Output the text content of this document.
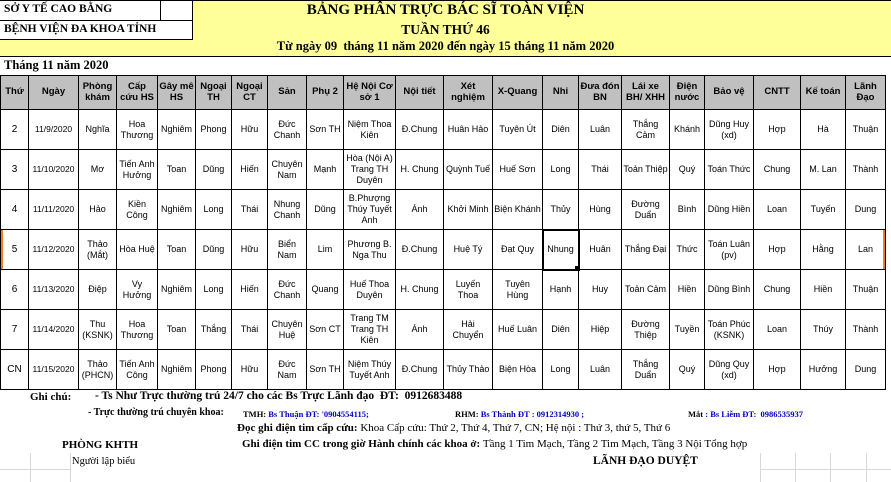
BẢNG PHÂN TRỰC BÁC SĨ TOÀN VIỆN
TUẦN THỨ 46
Từ ngày 09  tháng 11 năm 2020 đến ngày 15 tháng 11 năm 2020
SỞ Y TẾ CAO BẰNG
BỆNH VIỆN ĐA KHOA TỈNH
Tháng 11 năm 2020
Thứ	Ngày	Phòng khám	Cấp cứu HS	Gây mê HS	Ngoại TH	Ngoại CT	Sản	Phụ 2	Hệ Nội Cơ sở 1	Nội tiết	Xét nghiệm	X-Quang	Nhi	Đưa đón BN	Lái xe BH/ XHH	Điện nước	Bảo vệ	CNTT	Kế toán	Lãnh Đạo
2	11/9/2020	Nghĩa	Hoa Thương	Nghiêm	Phong	Hữu	Đức Chanh	Sơn TH	Niệm Thoa Kiên	Đ.Chung	Huân Hảo	Tuyên Út	Diên	Luân	Thắng Cảm	Khánh	Dũng Huy (xd)	Hợp	Hà	Thuận
3	11/10/2020	Mơ	Tiến Anh Hưởng	Toan	Dũng	Hiến	Chuyên Nam	Mạnh	Hòa (Nội A) Trang TH Duyên	H. Chung	Quỳnh Tuế	Huế Sơn	Long	Thái	Toản Thiệp	Quý	Toán Thức	Chung	M. Lan	Thành
4	11/11/2020	Hảo	Kiền Công	Nghiêm	Long	Thái	Nhung Chanh	Dũng	B.Phượng Thúy Tuyết Anh	Ánh	Khởi Minh	Biện Khánh	Thủy	Hùng	Đường Duẩn	Bình	Dũng Hiền	Loan	Tuyến	Dung
5	11/12/2020	Thảo (Mắt)	Hòa Huệ	Toan	Dũng	Hữu	Biển Nam	Lim	Phương B. Nga Thu	Đ.Chung	Huệ Tý	Đạt Quy	Nhung	Huân	Thắng Đại	Thức	Toán Luân (pv)	Hợp	Hằng	Lan
6	11/13/2020	Điệp	Vy Hưởng	Nghiêm	Long	Hiến	Đức Chanh	Quang	Huế Thoa Duyên	H. Chung	Luyến Thoa	Tuyên Hùng	Hạnh	Huy	Toản Cảm	Hiền	Dũng Bình	Chung	Hiền	Thuận
7	11/14/2020	Thu (KSNK)	Hoa Thương	Toan	Thắng	Thái	Chuyên Huệ	Sơn CT	Trang TM Trang TH Kiên	Ánh	Hải Chuyển	Huế Luân	Diên	Hiệp	Đường Thiệp	Tuyền	Toán Phúc (KSNK)	Loan	Thúy	Thành
CN	11/15/2020	Thảo (PHCN)	Tiến Anh Công	Nghiêm	Phong	Hữu	Đức Nam	Sơn TH	Niệm Thúy Tuyết Anh	Đ.Chung	Thủy Thảo	Biện Hòa	Long	Luân	Thắng Duẩn	Quý	Dũng Quy (xd)	Hợp	Hưởng	Dung
Ghi chú: - Ts Như Trực thường trú 24/7 cho các Bs Trực Lãnh đạo  ĐT:  0912683488
- Trực thường trú chuyên khoa: TMH: Bs Thuận ĐT: '0904554115;	RHM: Bs Thành ĐT : 0912314930 ;	Mắt : Bs Liễm ĐT:  0986535937
Đọc ghi điện tim cấp cứu: Khoa Cấp cứu: Thứ 2, Thứ 4, Thứ 7, CN; Hệ nội : Thứ 3, thứ 5, Thứ 6
Ghi điện tim CC trong giờ Hành chính các khoa ở: Tầng 1 Tim Mạch, Tầng 2 Tim Mạch, Tầng 3 Nội Tổng hợp
PHÒNG KHTH
Người lập biểu	LÃNH ĐẠO DUYỆT
